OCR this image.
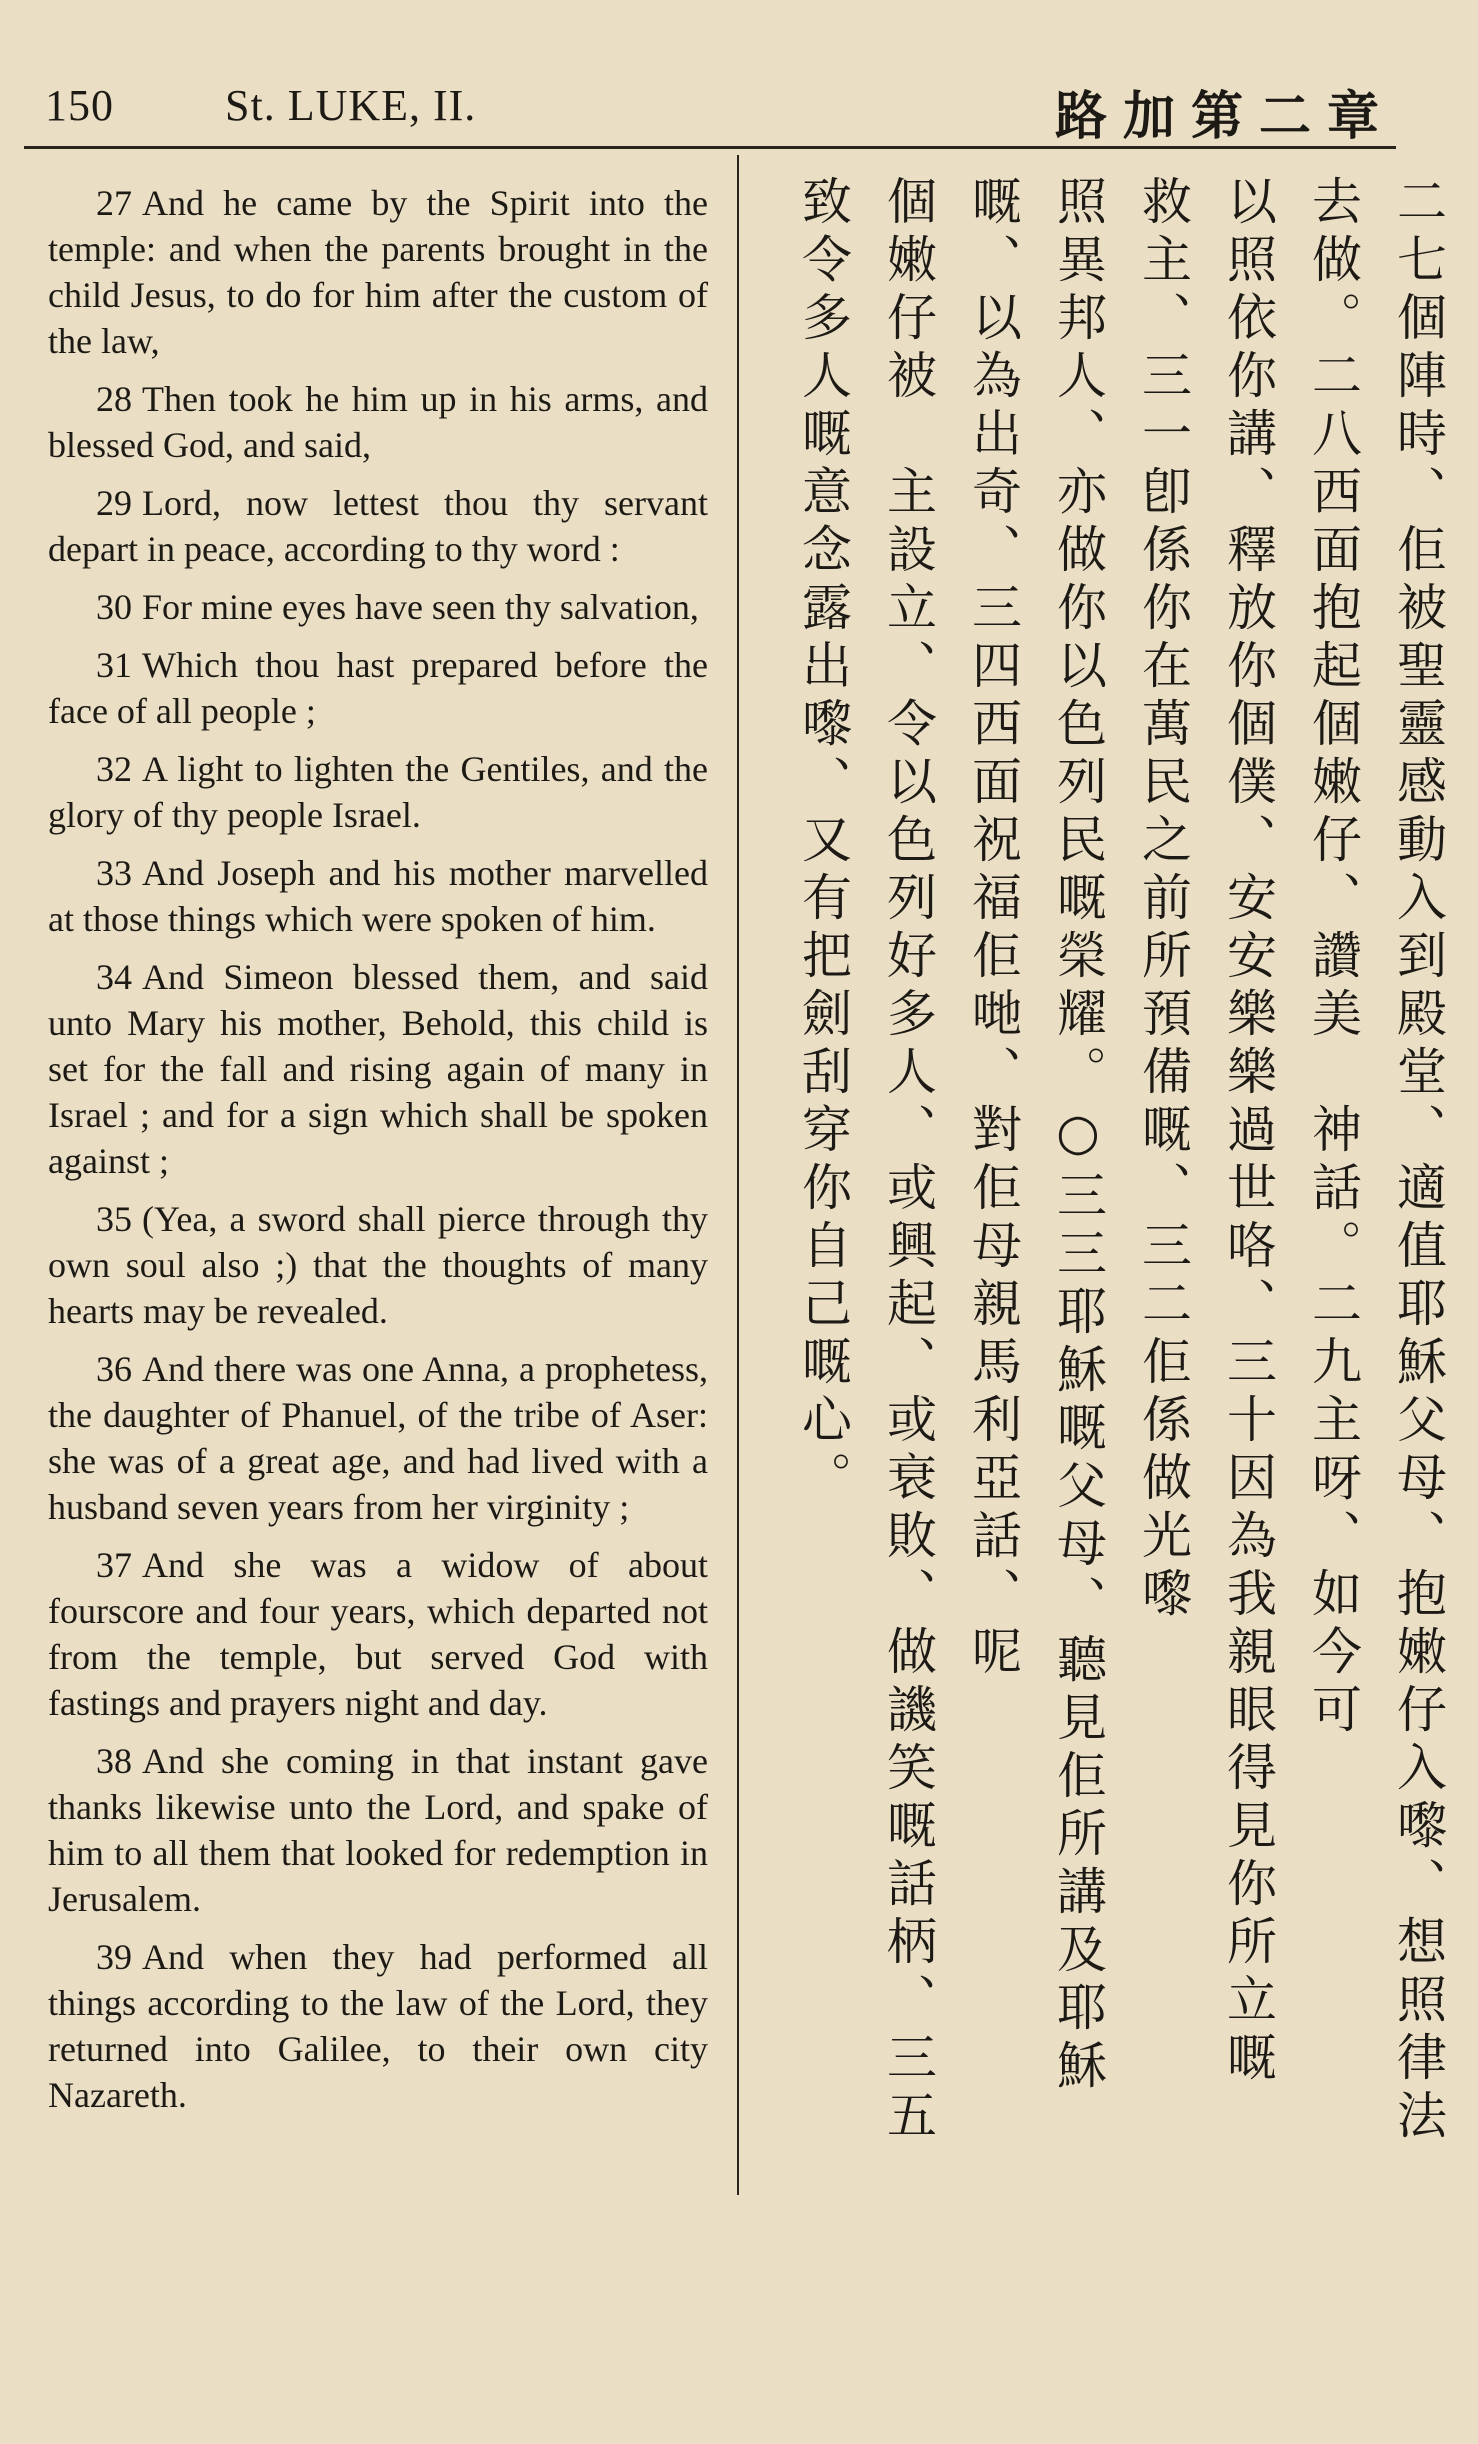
150	St. LUKE, II.	路加第二章

27 And he came by the Spirit into the temple: and when the parents brought in the child Jesus, to do for him after the custom of the law,

28 Then took he him up in his arms, and blessed God, and said,

29 Lord, now lettest thou thy servant depart in peace, according to thy word :

30 For mine eyes have seen thy salvation,

31 Which thou hast prepared before the face of all people ;

32 A light to lighten the Gentiles, and the glory of thy people Israel.

33 And Joseph and his mother marvelled at those things which were spoken of him.

34 And Simeon blessed them, and said unto Mary his mother, Behold, this child is set for the fall and rising again of many in Israel ; and for a sign which shall be spoken against ;

35 (Yea, a sword shall pierce through thy own soul also ;) that the thoughts of many hearts may be revealed.

36 And there was one Anna, a prophetess, the daughter of Phanuel, of the tribe of Aser: she was of a great age, and had lived with a husband seven years from her virginity ;

37 And she was a widow of about fourscore and four years, which departed not from the temple, but served God with fastings and prayers night and day.

38 And she coming in that instant gave thanks likewise unto the Lord, and spake of him to all them that looked for redemption in Jerusalem.

39 And when they had performed all things according to the law of the Lord, they returned into Galilee, to their own city Nazareth.	二七個陣時、佢被聖靈感動入到殿堂、適值耶穌父母、抱嫩仔入嚟、想照律法去做。二八西面抱起個嫩仔、讚美　神話。二九主呀、如今可

以照依你講、釋放你個僕、安安樂樂過世咯、三十因為我親眼得見你所立嘅　救主、三一卽係你在萬民之前所預備嘅、三二佢係做光嚟

照異邦人、亦做你以色列民嘅榮耀。○三三耶穌嘅父母、聽見佢所講及耶穌嘅、以為出奇、三四西面祝福佢哋、對佢母親馬利亞話、呢

個嫩仔被　主設立、令以色列好多人、或興起、或衰敗、做譏笑嘅話柄、三五致令多人嘅意念露出嚟、又有把劍刮穿你自己嘅心。
